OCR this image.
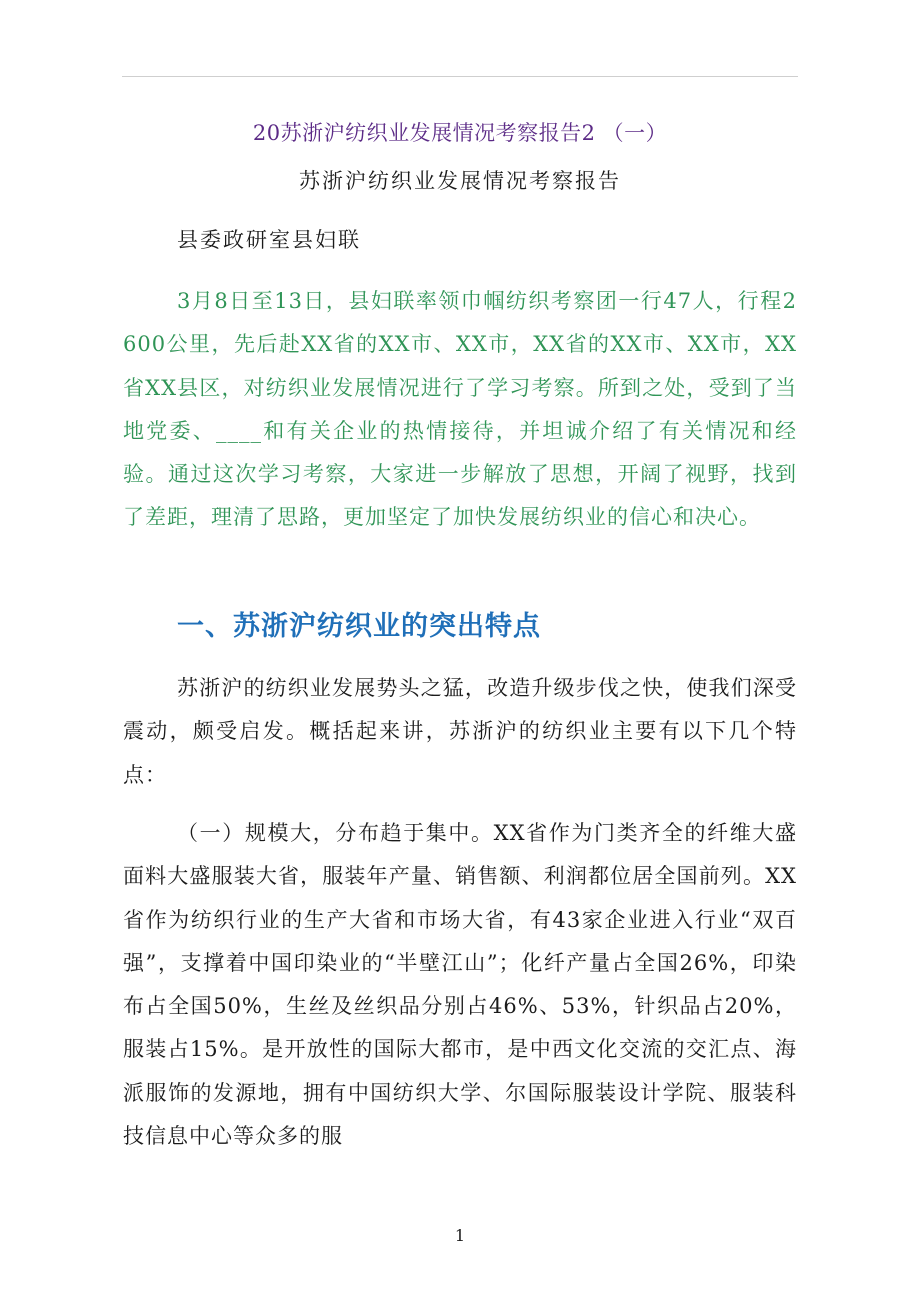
20苏浙沪纺织业发展情况考察报告2 （一）
苏浙沪纺织业发展情况考察报告
县委政研室县妇联

3月8日至13日，县妇联率领巾帼纺织考察团一行47人，行程2600公里，先后赴XX省的XX市、XX市，XX省的XX市、XX市，XX省XX县区，对纺织业发展情况进行了学习考察。所到之处，受到了当地党委、____和有关企业的热情接待，并坦诚介绍了有关情况和经验。通过这次学习考察，大家进一步解放了思想，开阔了视野，找到了差距，理清了思路，更加坚定了加快发展纺织业的信心和决心。

一、苏浙沪纺织业的突出特点

苏浙沪的纺织业发展势头之猛，改造升级步伐之快，使我们深受震动，颇受启发。概括起来讲，苏浙沪的纺织业主要有以下几个特点：

（一）规模大，分布趋于集中。XX省作为门类齐全的纤维大盛面料大盛服装大省，服装年产量、销售额、利润都位居全国前列。XX省作为纺织行业的生产大省和市场大省，有43家企业进入行业“双百强”，支撑着中国印染业的“半壁江山”；化纤产量占全国26%，印染布占全国50%，生丝及丝织品分别占46%、53%，针织品占20%，服装占15%。是开放性的国际大都市，是中西文化交流的交汇点、海派服饰的发源地，拥有中国纺织大学、尔国际服装设计学院、服装科技信息中心等众多的服

1
